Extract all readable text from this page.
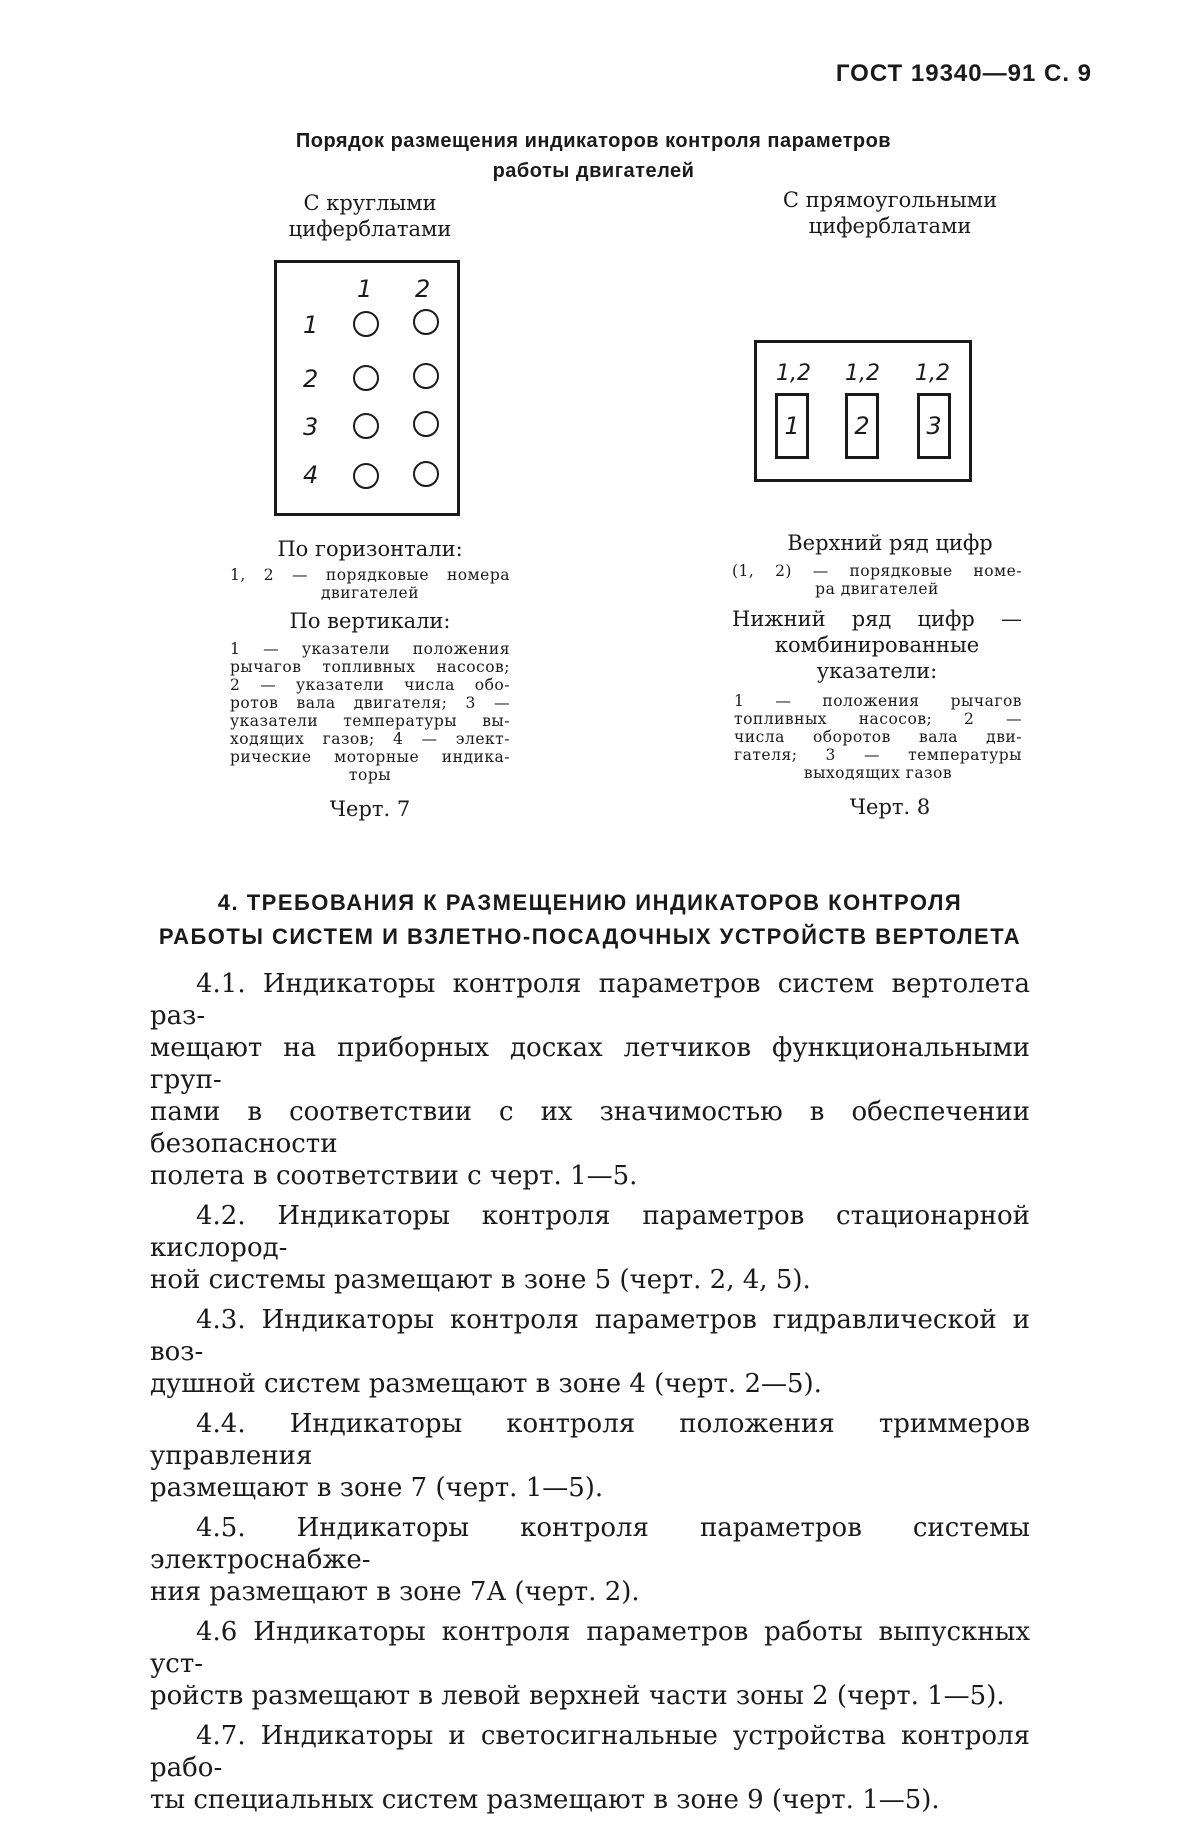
ГОСТ 19340—91 С. 9
Порядок размещения индикаторов контроля параметров
работы двигателей
С круглыми
циферблатами
1 2
1
2
3
4
По горизонтали:
1, 2 — порядковые номера
двигателей
По вертикали:
1 — указатели положения
рычагов топливных насосов;
2 — указатели числа обо-
ротов вала двигателя; 3 —
указатели температуры вы-
ходящих газов; 4 — элект-
рические моторные индика-
торы
Черт. 7
С прямоугольными
циферблатами
1,2 1,2 1,2
1 2 3
Верхний ряд цифр
(1, 2) — порядковые номе-
ра двигателей
Нижний ряд цифр —
комбинированные
указатели:
1 — положения рычагов
топливных насосов; 2 —
числа оборотов вала дви-
гателя; 3 — температуры
выходящих газов
Черт. 8
4. ТРЕБОВАНИЯ К РАЗМЕЩЕНИЮ ИНДИКАТОРОВ КОНТРОЛЯ
РАБОТЫ СИСТЕМ И ВЗЛЕТНО-ПОСАДОЧНЫХ УСТРОЙСТВ ВЕРТОЛЕТА
4.1. Индикаторы контроля параметров систем вертолета раз-
мещают на приборных досках летчиков функциональными груп-
пами в соответствии с их значимостью в обеспечении безопасности
полета в соответствии с черт. 1—5.
4.2. Индикаторы контроля параметров стационарной кислород-
ной системы размещают в зоне 5 (черт. 2, 4, 5).
4.3. Индикаторы контроля параметров гидравлической и воз-
душной систем размещают в зоне 4 (черт. 2—5).
4.4. Индикаторы контроля положения триммеров управления
размещают в зоне 7 (черт. 1—5).
4.5. Индикаторы контроля параметров системы электроснабже-
ния размещают в зоне 7А (черт. 2).
4.6 Индикаторы контроля параметров работы выпускных уст-
ройств размещают в левой верхней части зоны 2 (черт. 1—5).
4.7. Индикаторы и светосигнальные устройства контроля рабо-
ты специальных систем размещают в зоне 9 (черт. 1—5).
